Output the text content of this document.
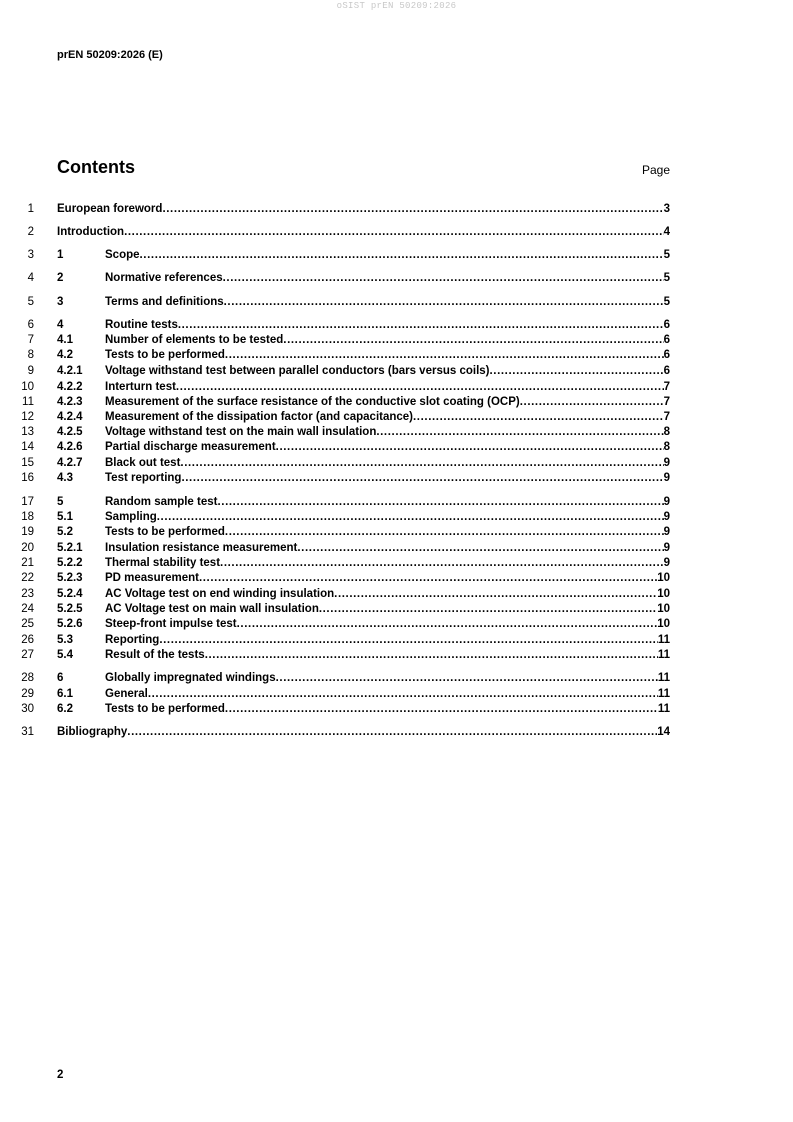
oSIST prEN 50209:2026
prEN 50209:2026 (E)
Contents	Page
1 European foreword .....	3
2 Introduction .....	4
3 1	Scope .....	5
4 2	Normative references .....	5
5 3	Terms and definitions .....	5
6 4	Routine tests .....	6
7 4.1	Number of elements to be tested .....	6
8 4.2	Tests to be performed .....	6
9 4.2.1 Voltage withstand test between parallel conductors (bars versus coils) .....	6
10 4.2.2 Interturn test .....	7
11 4.2.3 Measurement of the surface resistance of the conductive slot coating (OCP) .....	7
12 4.2.4 Measurement of the dissipation factor (and capacitance) .....	7
13 4.2.5 Voltage withstand test on the main wall insulation .....	8
14 4.2.6 Partial discharge measurement .....	8
15 4.2.7 Black out test .....	9
16 4.3	Test reporting .....	9
17 5	Random sample test .....	9
18 5.1	Sampling .....	9
19 5.2	Tests to be performed .....	9
20 5.2.1 Insulation resistance measurement .....	9
21 5.2.2 Thermal stability test .....	9
22 5.2.3 PD measurement .....	10
23 5.2.4 AC Voltage test on end winding insulation .....	10
24 5.2.5 AC Voltage test on main wall insulation .....	10
25 5.2.6 Steep-front impulse test .....	10
26 5.3	Reporting .....	11
27 5.4	Result of the tests .....	11
28 6	Globally impregnated windings .....	11
29 6.1	General .....	11
30 6.2	Tests to be performed .....	11
31 Bibliography .....	14
2
